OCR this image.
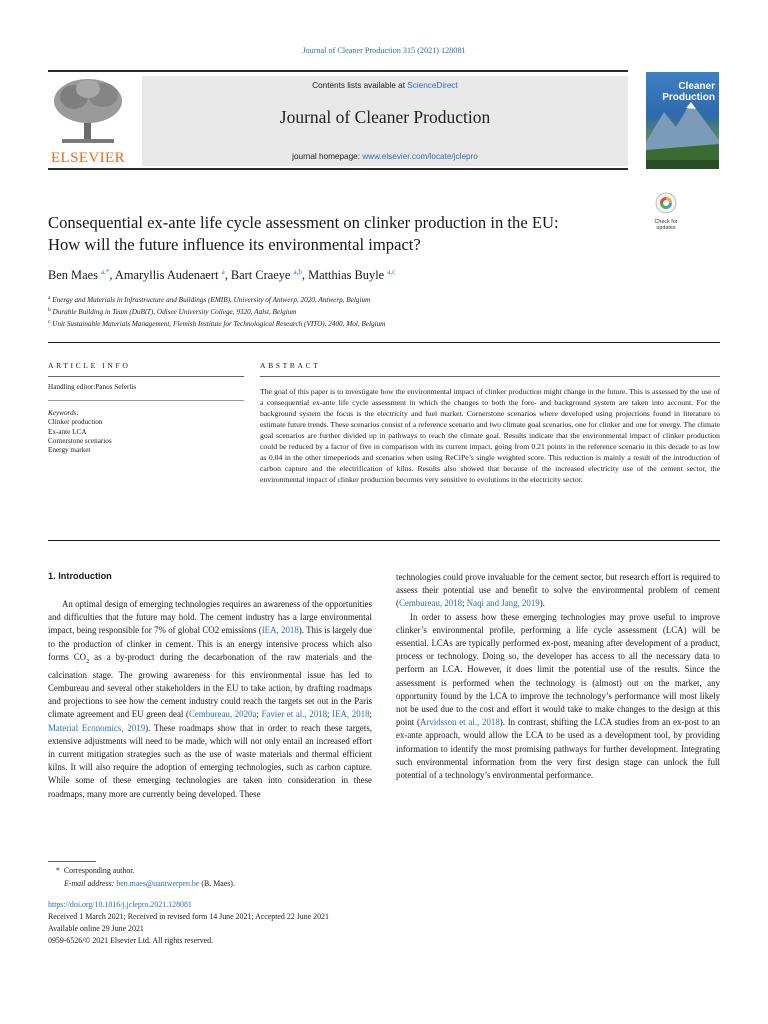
Journal of Cleaner Production 315 (2021) 128081
ELSEVIER
Contents lists available at ScienceDirect
Journal of Cleaner Production
journal homepage: www.elsevier.com/locate/jclepro
Cleaner
Production
Check for
updates
Consequential ex-ante life cycle assessment on clinker production in the EU:
How will the future influence its environmental impact?
Ben Maes $^{a,*}$, Amaryllis Audenaert $^a$, Bart Craeye $^{a,b}$, Matthias Buyle $^{a,c}$
$^a$ Energy and Materials in Infrastructure and Buildings (EMIB), University of Antwerp, 2020, Antwerp, Belgium
$^b$ Durable Building in Team (DuBiT), Odisee University College, 9320, Aalst, Belgium
$^c$ Unit Sustainable Materials Management, Flemish Institute for Technological Research (VITO), 2400, Mol, Belgium
ARTICLE INFO
Handling editor:Panos Seferlis
Keywords:
Clinker production
Ex-ante LCA
Cornerstone scenarios
Energy market
ABSTRACT
The goal of this paper is to investigate how the environmental impact of clinker production might change in the future. This is assessed by the use of a consequential ex-ante life cycle assessment in which the changes to both the fore- and background system are taken into account. For the background system the focus is the electricity and fuel market. Cornerstone scenarios where developed using projections found in literature to estimate future trends. These scenarios consist of a reference scenario and two climate goal scenarios, one for clinker and one for energy. The climate goal scenarios are further divided up in pathways to reach the climate goal. Results indicate that the environmental impact of clinker production could be reduced by a factor of five in comparison with its current impact, going from 0.21 points in the reference scenario in this decade to as low as 0.04 in the other timeperiods and scenarios when using ReCiPe’s single weighted score. This reduction is mainly a result of the introduction of carbon capture and the electrification of kilns. Results also showed that because of the increased electricity use of the cement sector, the environmental impact of clinker production becomes very sensitive to evolutions in the electricity sector.
1. Introduction

An optimal design of emerging technologies requires an awareness of the opportunities and difficulties that the future may hold. The cement industry has a large environmental impact, being responsible for 7% of global CO2 emissions (IEA, 2018). This is largely due to the production of clinker in cement. This is an energy intensive process which also forms $CO_2$ as a by-product during the decarbonation of the raw materials and the calcination stage. The growing awareness for this environmental issue has led to Cembureau and several other stakeholders in the EU to take action, by drafting roadmaps and projections to see how the cement industry could reach the targets set out in the Paris climate agreement and EU green deal (Cembureau, 2020a; Favier et al., 2018; IEA, 2018; Material Economics, 2019). These roadmaps show that in order to reach these targets, extensive adjustments will need to be made, which will not only entail an increased effort in current mitigation strategies such as the use of waste materials and thermal efficient kilns. It will also require the adoption of emerging technologies, such as carbon capture. While some of these emerging technologies are taken into consideration in these roadmaps, many more are currently being developed. These

technologies could prove invaluable for the cement sector, but research effort is required to assess their potential use and benefit to solve the environmental problem of cement (Cembureau, 2018; Naqi and Jang, 2019).

In order to assess how these emerging technologies may prove useful to improve clinker’s environmental profile, performing a life cycle assessment (LCA) will be essential. LCAs are typically performed ex-post, meaning after development of a product, process or technology. Doing so, the developer has access to all the necessary data to perform an LCA. However, it does limit the potential use of the results. Since the assessment is performed when the technology is (almost) out on the market, any opportunity found by the LCA to improve the technology’s performance will most likely not be used due to the cost and effort it would take to make changes to the design at this point (Arvidsson et al., 2018). In contrast, shifting the LCA studies from an ex-post to an ex-ante approach, would allow the LCA to be used as a development tool, by providing information to identify the most promising pathways for further development. Integrating such environmental information from the very first design stage can unlock the full potential of a technology’s environmental performance.

* Corresponding author.
E-mail address: ben.maes@uantwerpen.be (B. Maes).
https://doi.org/10.1016/j.jclepro.2021.128081
Received 1 March 2021; Received in revised form 14 June 2021; Accepted 22 June 2021
Available online 29 June 2021
0959-6526/© 2021 Elsevier Ltd. All rights reserved.
